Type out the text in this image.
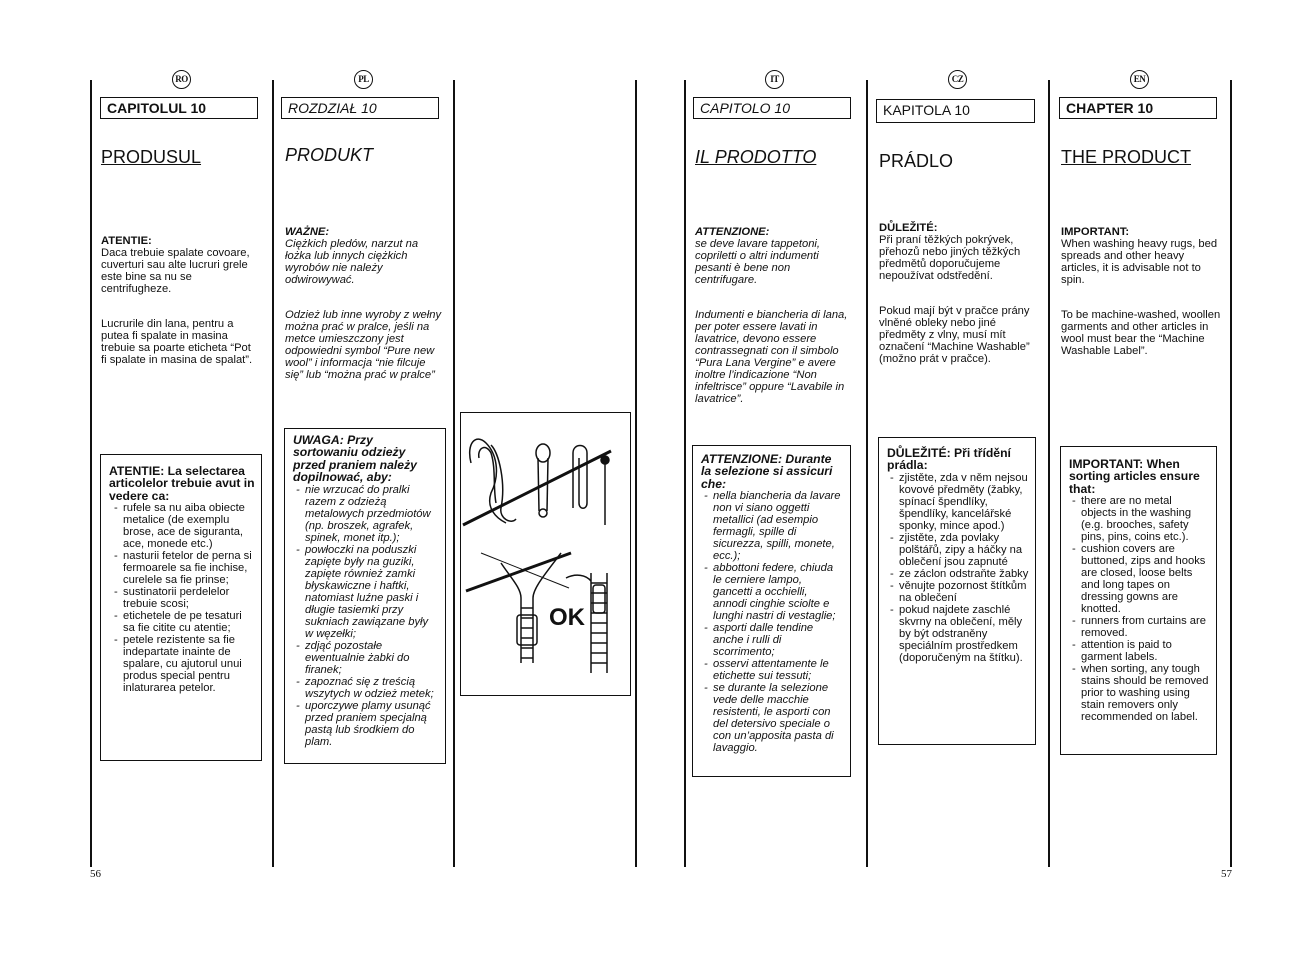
RO
CAPITOLUL 10
PRODUSUL
ATENTIE:
Daca trebuie spalate covoare, cuverturi sau alte lucruri grele este bine sa nu se centrifugheze.
Lucrurile din lana, pentru a putea fi spalate in masina trebuie sa poarte eticheta “Pot fi spalate in masina de spalat”.
ATENTIE: La selectarea articolelor trebuie avut in vedere ca:
- rufele sa nu aiba obiecte metalice (de exemplu brose, ace de siguranta, ace, monede etc.)
- nasturii fetelor de perna si fermoarele sa fie inchise, curelele sa fie prinse;
- sustinatorii perdelelor trebuie scosi;
- etichetele de pe tesaturi sa fie citite cu atentie;
- petele rezistente sa fie indepartate inainte de spalare, cu ajutorul unui produs special pentru inlaturarea petelor.
PL
ROZDZIAŁ 10
PRODUKT
WAŻNE:
Ciężkich pledów, narzut na łożka lub innych ciężkich wyrobów nie należy odwirowywać.
Odzież lub inne wyroby z wełny można prać w pralce, jeśli na metce umieszczony jest odpowiedni symbol “Pure new wool” i informacja “nie filcuje się” lub “można prać w pralce”
UWAGA: Przy sortowaniu odzieży przed praniem należy dopilnować, aby:
- nie wrzucać do pralki razem z odzieżą metalowych przedmiotów (np. broszek, agrafek, spinek, monet itp.);
- powłoczki na poduszki zapięte były na guziki, zapięte również zamki błyskawiczne i haftki, natomiast luźne paski i długie tasiemki przy sukniach zawiązane były w węzełki;
- zdjąć pozostałe ewentualnie żabki do firanek;
- zapoznać się z treścią wszytych w odzież metek;
- uporczywe plamy usunąć przed praniem specjalną pastą lub środkiem do plam.
OK
IT
CAPITOLO 10
IL PRODOTTO
ATTENZIONE:
se deve lavare tappetoni, copriletti o altri indumenti pesanti è bene non centrifugare.
Indumenti e biancheria di lana, per poter essere lavati in lavatrice, devono essere contrassegnati con il simbolo “Pura Lana Vergine” e avere inoltre l’indicazione “Non infeltrisce” oppure “Lavabile in lavatrice”.
ATTENZIONE: Durante la selezione si assicuri che:
- nella biancheria da lavare non vi siano oggetti metallici (ad esempio fermagli, spille di sicurezza, spilli, monete, ecc.);
- abbottoni federe, chiuda le cerniere lampo, gancetti a occhielli, annodi cinghie sciolte e lunghi nastri di vestaglie;
- asporti dalle tendine anche i rulli di scorrimento;
- osservi attentamente le etichette sui tessuti;
- se durante la selezione vede delle macchie resistenti, le asporti con del detersivo speciale o con un’apposita pasta di lavaggio.
CZ
KAPITOLA 10
PRÁDLO
DŮLEŽITÉ:
Při praní těžkých pokrývek, přehozů nebo jiných těžkých předmětů doporučujeme nepoužívat odstředění.
Pokud mají být v pračce prány vlněné obleky nebo jiné předměty z vlny, musí mít označení “Machine Washable” (možno prát v pračce).
DŮLEŽITÉ: Při třídění prádla:
- zjistěte, zda v něm nejsou kovové předměty (žabky, spínací špendlíky, špendlíky, kancelářské sponky, mince apod.)
- zjistěte, zda povlaky polštářů, zipy a háčky na oblečení jsou zapnuté
- ze záclon odstraňte žabky
- věnujte pozornost štítkům na oblečení
- pokud najdete zaschlé skvrny na oblečení, měly by být odstraněny speciálním prostředkem (doporučeným na štítku).
EN
CHAPTER 10
THE PRODUCT
IMPORTANT:
When washing heavy rugs, bed spreads and other heavy articles, it is advisable not to spin.
To be machine-washed, woollen garments and other articles in wool must bear the “Machine Washable Label”.
IMPORTANT: When sorting articles ensure that:
- there are no metal objects in the washing (e.g. brooches, safety pins, pins, coins etc.).
- cushion covers are buttoned, zips and hooks are closed, loose belts and long tapes on dressing gowns are knotted.
- runners from curtains are removed.
- attention is paid to garment labels.
- when sorting, any tough stains should be removed prior to washing using stain removers only recommended on label.
56	57
